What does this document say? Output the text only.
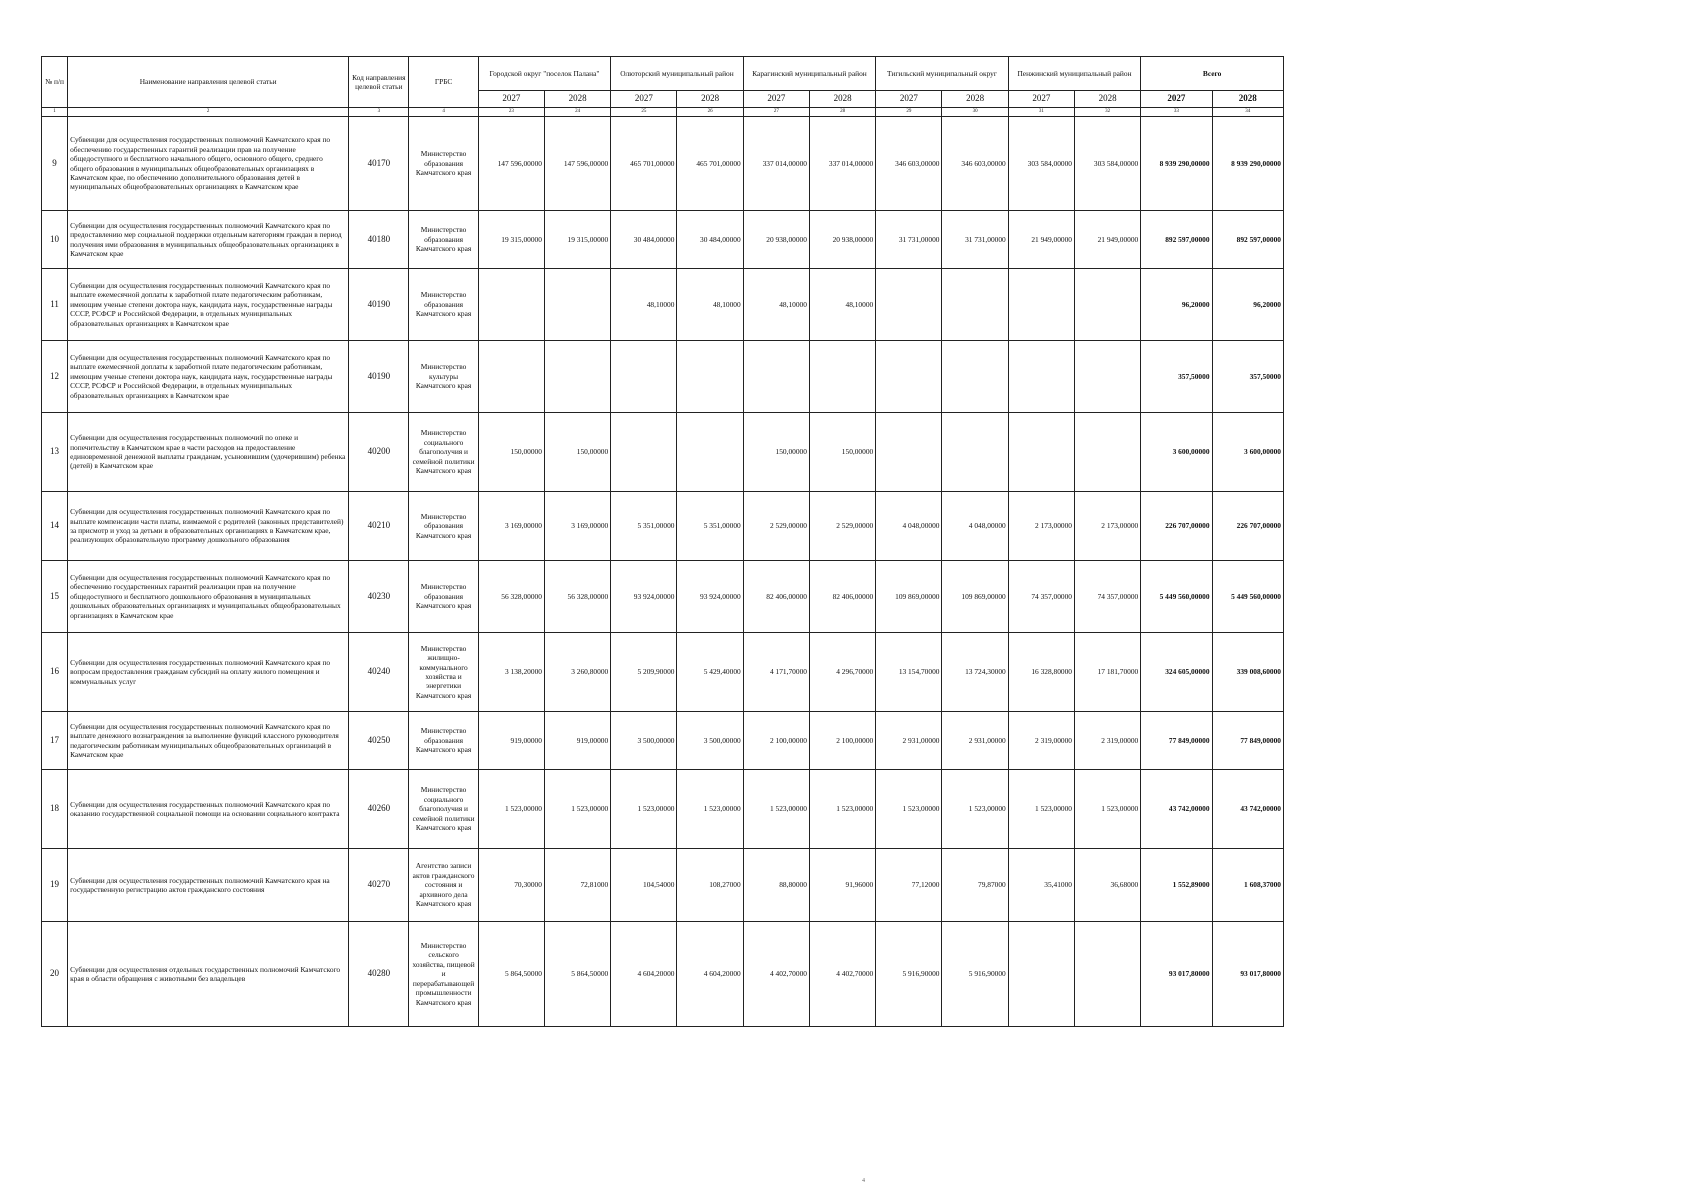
№ п/п	Наименование направления целевой статьи	Код направления целевой статьи	ГРБС	Городской округ "поселок Палана"		Олюторский муниципальный район		Карагинский муниципальный район		Тигильский муниципальный округ		Пенжинский муниципальный район		Всего	
				2027	2028	2027	2028	2027	2028	2027	2028	2027	2028	2027	2028
1	2	3	4	23	24	25	26	27	28	29	30	31	32	33	34
9	Субвенции для осуществления государственных полномочий Камчатского края по обеспечению государственных гарантий реализации прав на получение общедоступного и бесплатного начального общего, основного общего, среднего общего образования в муниципальных общеобразовательных организациях в Камчатском крае, по обеспечению дополнительного образования детей в муниципальных общеобразовательных организациях в Камчатском крае	40170	Министерство образования Камчатского края	147 596,00000	147 596,00000	465 701,00000	465 701,00000	337 014,00000	337 014,00000	346 603,00000	346 603,00000	303 584,00000	303 584,00000	8 939 290,00000	8 939 290,00000
10	Субвенции для осуществления государственных полномочий Камчатского края по предоставлению мер социальной поддержки отдельным категориям граждан в период получения ими образования в муниципальных общеобразовательных организациях в Камчатском крае	40180	Министерство образования Камчатского края	19 315,00000	19 315,00000	30 484,00000	30 484,00000	20 938,00000	20 938,00000	31 731,00000	31 731,00000	21 949,00000	21 949,00000	892 597,00000	892 597,00000
11	Субвенции для осуществления государственных полномочий Камчатского края по выплате ежемесячной доплаты к заработной плате педагогическим работникам, имеющим ученые степени доктора наук, кандидата наук, государственные награды СССР, РСФСР и Российской Федерации, в отдельных муниципальных образовательных организациях в Камчатском крае	40190	Министерство образования Камчатского края			48,10000	48,10000	48,10000	48,10000					96,20000	96,20000
12	Субвенции для осуществления государственных полномочий Камчатского края по выплате ежемесячной доплаты к заработной плате педагогическим работникам, имеющим ученые степени доктора наук, кандидата наук, государственные награды СССР, РСФСР и Российской Федерации, в отдельных муниципальных образовательных организациях в Камчатском крае	40190	Министерство культуры Камчатского края											357,50000	357,50000
13	Субвенции для осуществления государственных полномочий по опеке и попечительству в Камчатском крае в части расходов на предоставление единовременной денежной выплаты гражданам, усыновившим (удочерившим) ребенка (детей) в Камчатском крае	40200	Министерство социального благополучия и семейной политики Камчатского края	150,00000	150,00000			150,00000	150,00000					3 600,00000	3 600,00000
14	Субвенции для осуществления государственных полномочий Камчатского края по выплате компенсации части платы, взимаемой с родителей (законных представителей) за присмотр и уход за детьми в образовательных организациях в Камчатском крае, реализующих образовательную программу дошкольного образования	40210	Министерство образования Камчатского края	3 169,00000	3 169,00000	5 351,00000	5 351,00000	2 529,00000	2 529,00000	4 048,00000	4 048,00000	2 173,00000	2 173,00000	226 707,00000	226 707,00000
15	Субвенции для осуществления государственных полномочий Камчатского края по обеспечению государственных гарантий реализации прав на получение общедоступного и бесплатного дошкольного образования в муниципальных дошкольных образовательных организациях и муниципальных общеобразовательных организациях в Камчатском крае	40230	Министерство образования Камчатского края	56 328,00000	56 328,00000	93 924,00000	93 924,00000	82 406,00000	82 406,00000	109 869,00000	109 869,00000	74 357,00000	74 357,00000	5 449 560,00000	5 449 560,00000
16	Субвенции для осуществления государственных полномочий Камчатского края по вопросам предоставления гражданам субсидий на оплату жилого помещения и коммунальных услуг	40240	Министерство жилищно-коммунального хозяйства и энергетики Камчатского края	3 138,20000	3 260,80000	5 209,90000	5 429,40000	4 171,70000	4 296,70000	13 154,70000	13 724,30000	16 328,80000	17 181,70000	324 605,00000	339 008,60000
17	Субвенции для осуществления государственных полномочий Камчатского края по выплате денежного вознаграждения за выполнение функций классного руководителя педагогическим работникам муниципальных общеобразовательных организаций в Камчатском крае	40250	Министерство образования Камчатского края	919,00000	919,00000	3 500,00000	3 500,00000	2 100,00000	2 100,00000	2 931,00000	2 931,00000	2 319,00000	2 319,00000	77 849,00000	77 849,00000
18	Субвенции для осуществления государственных полномочий Камчатского края по оказанию государственной социальной помощи на основании социального контракта	40260	Министерство социального благополучия и семейной политики Камчатского края	1 523,00000	1 523,00000	1 523,00000	1 523,00000	1 523,00000	1 523,00000	1 523,00000	1 523,00000	1 523,00000	1 523,00000	43 742,00000	43 742,00000
19	Субвенции для осуществления государственных полномочий Камчатского края на государственную регистрацию актов гражданского состояния	40270	Агентство записи актов гражданского состояния и архивного дела Камчатского края	70,30000	72,81000	104,54000	108,27000	88,80000	91,96000	77,12000	79,87000	35,41000	36,68000	1 552,89000	1 608,37000
20	Субвенции для осуществления отдельных государственных полномочий Камчатского края в области обращения с животными без владельцев	40280	Министерство сельского хозяйства, пищевой и перерабатывающей промышленности Камчатского края	5 864,50000	5 864,50000	4 604,20000	4 604,20000	4 402,70000	4 402,70000	5 916,90000	5 916,90000			93 017,80000	93 017,80000
4
